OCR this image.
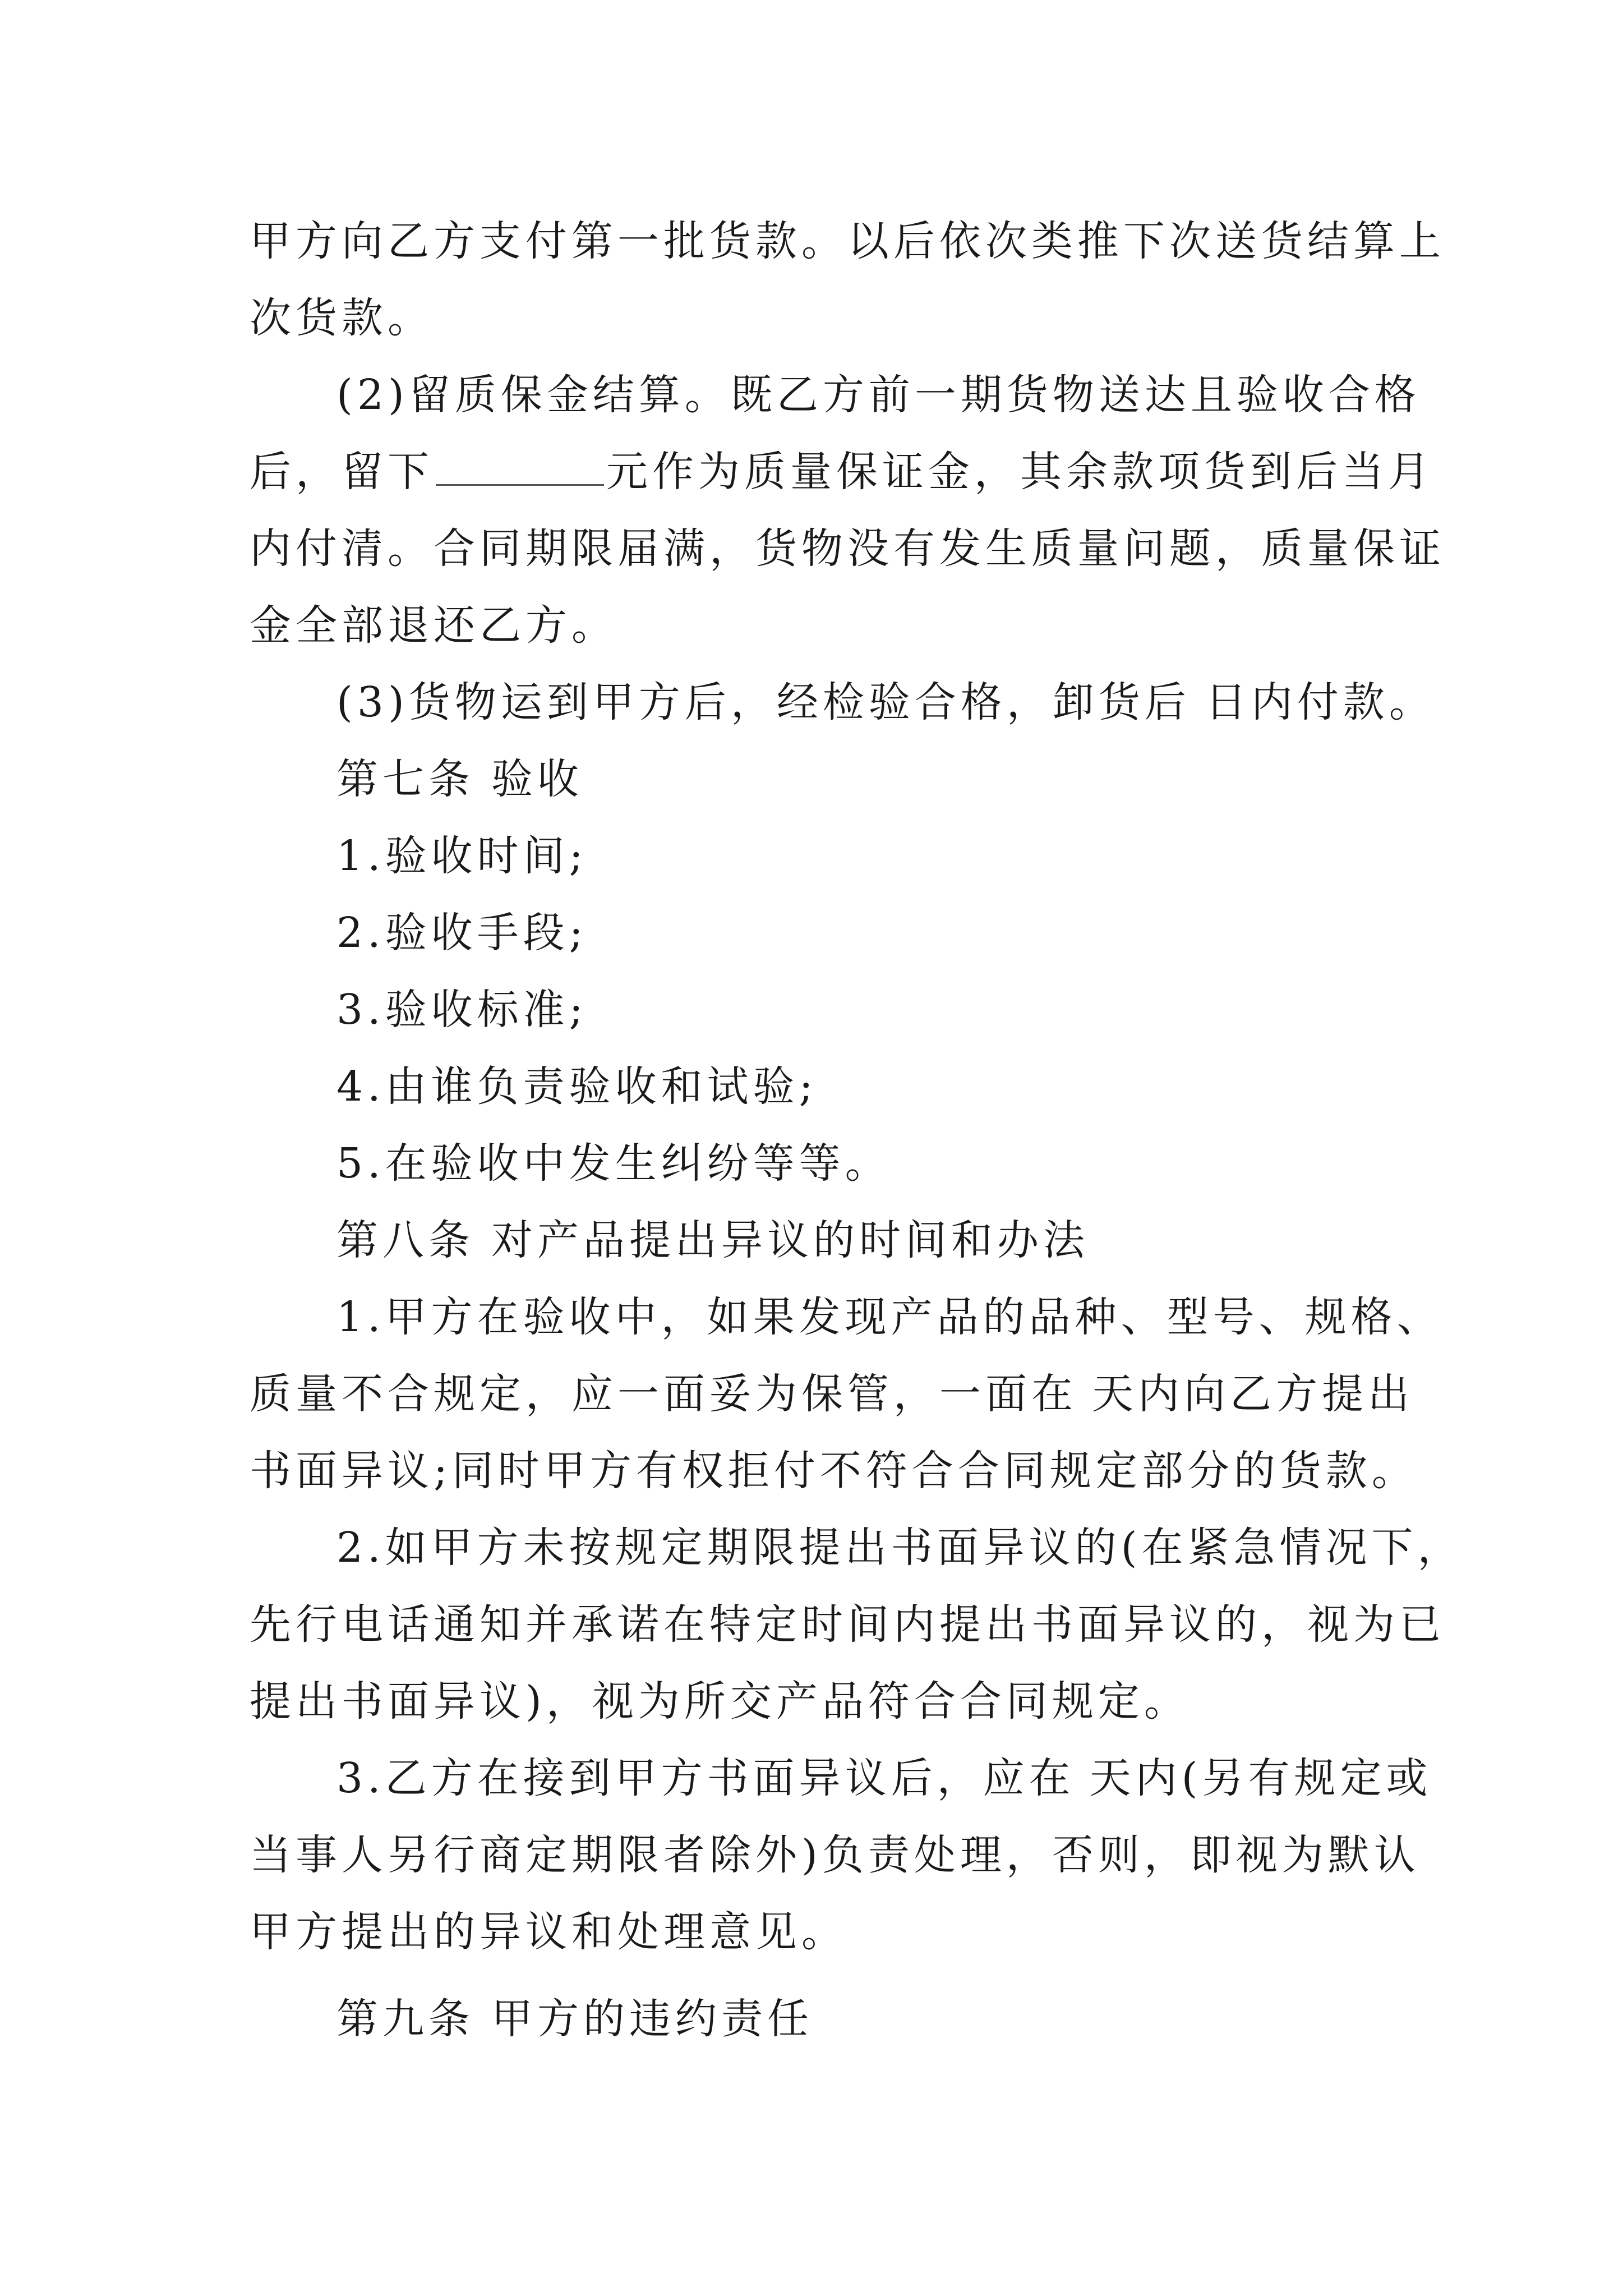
甲方向乙方支付第一批货款。以后依次类推下次送货结算上
次货款。
(2)留质保金结算。既乙方前一期货物送达且验收合格
后，留下	元作为质量保证金，其余款项货到后当月
内付清。合同期限届满，货物没有发生质量问题，质量保证
金全部退还乙方。
(3)货物运到甲方后，经检验合格，卸货后 日内付款。
第七条 验收
1.验收时间;
2.验收手段;
3.验收标准;
4.由谁负责验收和试验;
5.在验收中发生纠纷等等。
第八条 对产品提出异议的时间和办法
1.甲方在验收中，如果发现产品的品种、型号、规格、
质量不合规定，应一面妥为保管，一面在 天内向乙方提出
书面异议;同时甲方有权拒付不符合合同规定部分的货款。
2.如甲方未按规定期限提出书面异议的(在紧急情况下，
先行电话通知并承诺在特定时间内提出书面异议的，视为已
提出书面异议)，视为所交产品符合合同规定。
3.乙方在接到甲方书面异议后，应在 天内(另有规定或
当事人另行商定期限者除外)负责处理，否则，即视为默认
甲方提出的异议和处理意见。
第九条 甲方的违约责任
